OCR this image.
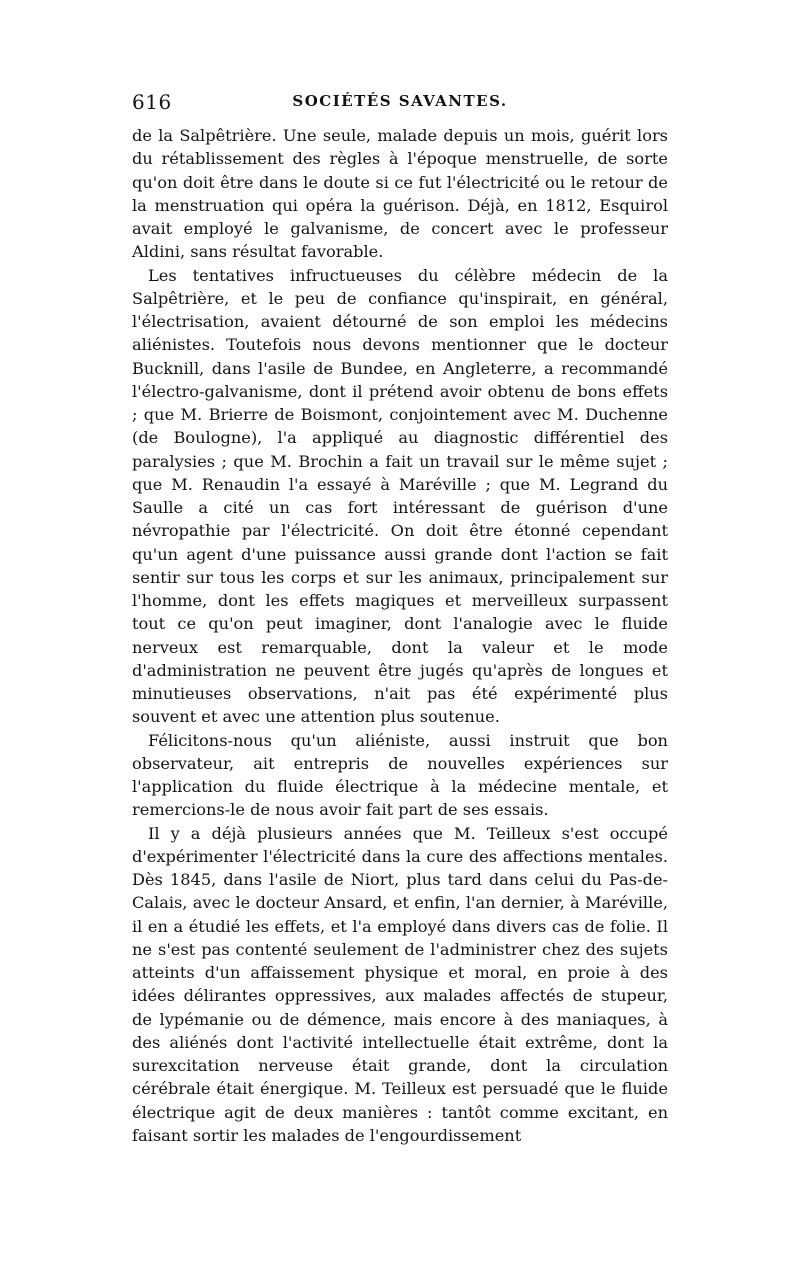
616	SOCIÉTÉS SAVANTES.

de la Salpêtrière. Une seule, malade depuis un mois, guérit lors du rétablissement des règles à l'époque menstruelle, de sorte qu'on doit être dans le doute si ce fut l'électricité ou le retour de la menstruation qui opéra la guérison. Déjà, en 1812, Esquirol avait employé le galvanisme, de concert avec le professeur Aldini, sans résultat favorable.

Les tentatives infructueuses du célèbre médecin de la Salpêtrière, et le peu de confiance qu'inspirait, en général, l'électrisation, avaient détourné de son emploi les médecins aliénistes. Toutefois nous devons mentionner que le docteur Bucknill, dans l'asile de Bundee, en Angleterre, a recommandé l'électro-galvanisme, dont il prétend avoir obtenu de bons effets ; que M. Brierre de Boismont, conjointement avec M. Duchenne (de Boulogne), l'a appliqué au diagnostic différentiel des paralysies ; que M. Brochin a fait un travail sur le même sujet ; que M. Renaudin l'a essayé à Maréville ; que M. Legrand du Saulle a cité un cas fort intéressant de guérison d'une névropathie par l'électricité. On doit être étonné cependant qu'un agent d'une puissance aussi grande dont l'action se fait sentir sur tous les corps et sur les animaux, principalement sur l'homme, dont les effets magiques et merveilleux surpassent tout ce qu'on peut imaginer, dont l'analogie avec le fluide nerveux est remarquable, dont la valeur et le mode d'administration ne peuvent être jugés qu'après de longues et minutieuses observations, n'ait pas été expérimenté plus souvent et avec une attention plus soutenue.

Félicitons-nous qu'un aliéniste, aussi instruit que bon observateur, ait entrepris de nouvelles expériences sur l'application du fluide électrique à la médecine mentale, et remercions-le de nous avoir fait part de ses essais.

Il y a déjà plusieurs années que M. Teilleux s'est occupé d'expérimenter l'électricité dans la cure des affections mentales. Dès 1845, dans l'asile de Niort, plus tard dans celui du Pas-de-Calais, avec le docteur Ansard, et enfin, l'an dernier, à Maréville, il en a étudié les effets, et l'a employé dans divers cas de folie. Il ne s'est pas contenté seulement de l'administrer chez des sujets atteints d'un affaissement physique et moral, en proie à des idées délirantes oppressives, aux malades affectés de stupeur, de lypémanie ou de démence, mais encore à des maniaques, à des aliénés dont l'activité intellectuelle était extrême, dont la surexcitation nerveuse était grande, dont la circulation cérébrale était énergique. M. Teilleux est persuadé que le fluide électrique agit de deux manières : tantôt comme excitant, en faisant sortir les malades de l'engourdissement
